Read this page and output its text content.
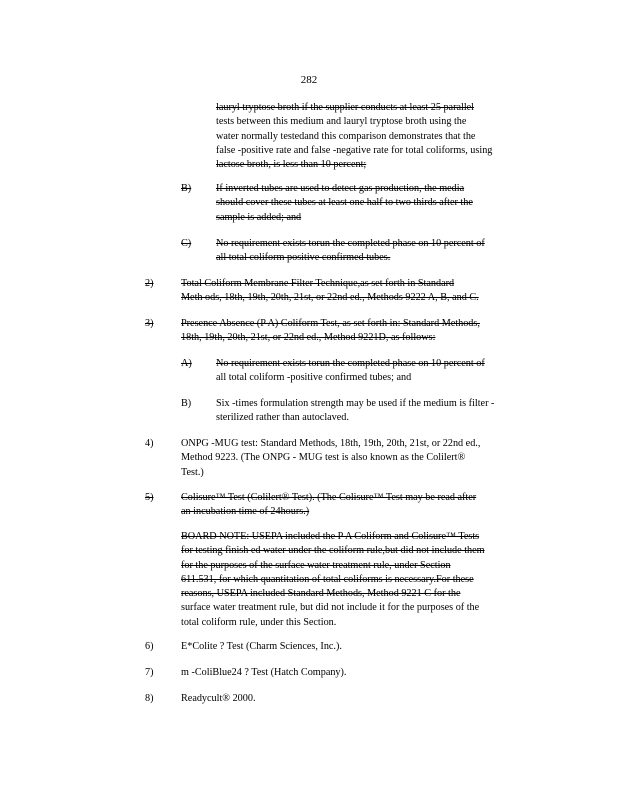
282
lauryl tryptose broth if the supplier conducts at least 25 parallel
tests between this medium and lauryl tryptose broth using the
water normally testedand this comparison demonstrates that the
false -positive rate and false -negative rate for total coliforms, using
lactose broth, is less than 10 percent;
B) If inverted tubes are used to detect gas production, the media
should cover these tubes at least one half to two thirds after the
sample is added; and
C) No requirement exists torun the completed phase on 10 percent of
all total coliform positive confirmed tubes.
2)	Total Coliform Membrane Filter Technique,as set forth in Standard
Meth ods, 18th, 19th, 20th, 21st, or 22nd ed., Methods 9222 A, B, and C.
3)	Presence Absence (P A) Coliform Test, as set forth in: Standard Methods,
18th, 19th, 20th, 21st, or 22nd ed., Method 9221D, as follows:
A) No requirement exists torun the completed phase on 10 percent of
all total coliform -positive confirmed tubes; and
B) Six -times formulation strength may be used if the medium is filter -
sterilized rather than autoclaved.
4)	ONPG -MUG test: Standard Methods, 18th, 19th, 20th, 21st, or 22nd ed.,
Method 9223. (The ONPG - MUG test is also known as the Colilert®
Test.)
5)	Colisure™ Test (Colilert® Test). (The Colisure™ Test may be read after
an incubation time of 24hours.)
BOARD NOTE: USEPA included the P A Coliform and Colisure™ Tests
for testing finish ed water under the coliform rule,but did not include them
for the purposes of the surface water treatment rule, under Section
611.531, for which quantitation of total coliforms is necessary.For these
reasons, USEPA included Standard Methods, Method 9221 C for the
surface water treatment rule, but did not include it for the purposes of the
total coliform rule, under this Section.
6)	E*Colite ? Test (Charm Sciences, Inc.).
7)	m -ColiBlue24 ? Test (Hatch Company).
8)	Readycult® 2000.
